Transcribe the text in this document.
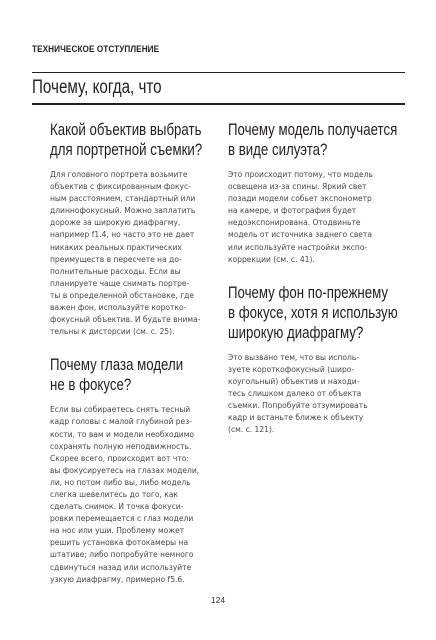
ТЕХНИЧЕСКОЕ ОТСТУПЛЕНИЕ
Почему, когда, что
Какой объектив выбрать
для портретной съемки?
Для головного портрета возьмите
объектив с фиксированным фокус-
ным расстоянием, стандартный или
длиннофокусный. Можно заплатить
дороже за широкую диафрагму,
например f1.4, но часто это не дает
никаких реальных практических
преимуществ в пересчете на до-
полнительные расходы. Если вы
планируете чаще снимать портре-
ты в определенной обстановке, где
важен фон, используйте коротко-
фокусный объектив. И будьте внима-
тельны к дисторсии (см. с. 25).
Почему глаза модели
не в фокусе?
Если вы собираетесь снять тесный
кадр головы с малой глубиной рез-
кости, то вам и модели необходимо
сохранять полную неподвижность.
Скорее всего, происходит вот что:
вы фокусируетесь на глазах модели,
ли, но потом либо вы, либо модель
слегка шевелитесь до того, как
сделать снимок. И точка фокуси-
ровки перемещается с глаз модели
на нос или уши. Проблему может
решить установка фотокамеры на
штативе; либо попробуйте немного
сдвинуться назад или используйте
узкую диафрагму, примерно f5.6.
Почему модель получается
в виде силуэта?
Это происходит потому, что модель
освещена из-за спины. Яркий свет
позади модели собьет экспонометр
на камере, и фотография будет
недоэкспонирована. Отодвиньте
модель от источника заднего света
или используйте настройки экспо-
коррекции (см. с. 41).
Почему фон по-прежнему
в фокусе, хотя я использую
широкую диафрагму?
Это вызвано тем, что вы исполь-
зуете короткофокусный (широ-
коугольный) объектив и находи-
тесь слишком далеко от объекта
съемки. Попробуйте отзумировать
кадр и встаньте ближе к объекту
(см. с. 121).
124
